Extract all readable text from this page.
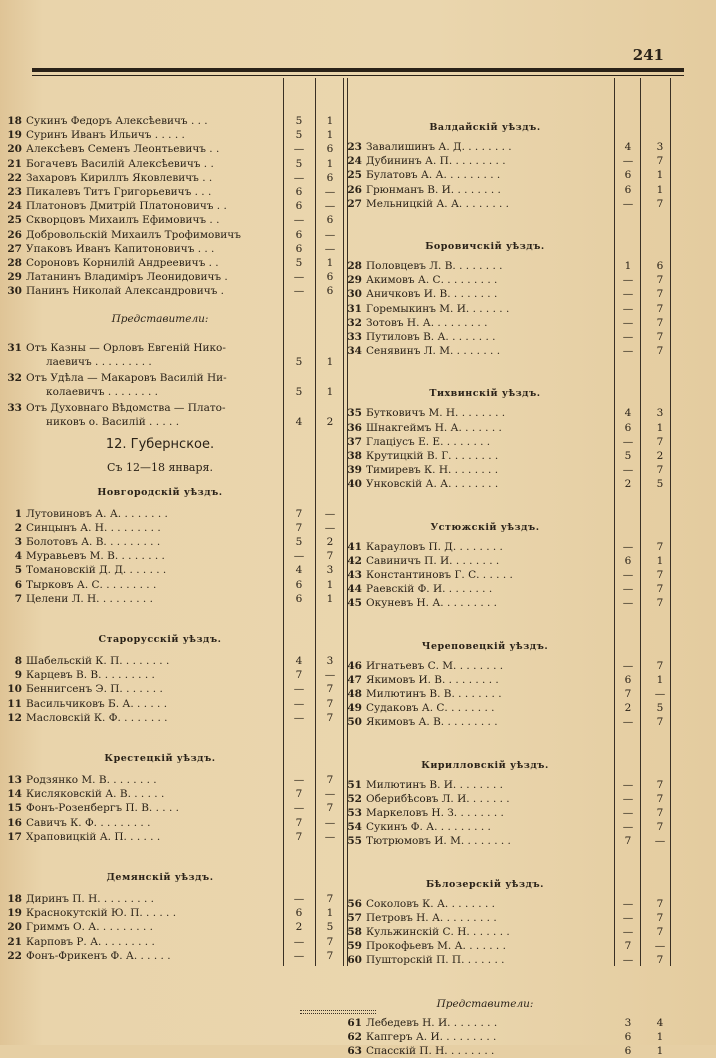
241
18 Сукинъ Федоръ Алексѣевичъ . . .	5	1
19 Суринъ Иванъ Ильичъ . . . . .	5	1
20 Алексѣевъ Семенъ Леонтьевичъ . .	—	6
21 Богачевъ Василій Алексѣевичъ . .	5	1
22 Захаровъ Кириллъ Яковлевичъ . .	—	6
23 Пикалевъ Титъ Григорьевичъ . . .	6	—
24 Платоновъ Дмитрій Платоновичъ . .	6	—
25 Скворцовъ Михаилъ Ефимовичъ . .	—	6
26 Добровольскій Михаилъ Трофимовичъ	6	—
27 Упаковъ Иванъ Капитоновичъ . . .	6	—
28 Сороновъ Корнилій Андреевичъ . .	5	1
29 Латанинъ Владиміръ Леонидовичъ .	—	6
30 Панинъ Николай Александровичъ .	—	6
Представители:
31 Отъ Казны — Орловъ Евгеній Нико-
лаевичъ . . . . . . . . .	5	1
32 Отъ Удѣла — Макаровъ Василій Ни-
колаевичъ . . . . . . . .	5	1
33 Отъ Духовнаго Вѣдомства — Плато-
никовъ о. Василій . . . . .	4	2
12. Губернское.
Съ 12—18 января.
Новгородскій уѣздъ.
1 Лутовиновъ А. А. . . . . . . .	7	—
2 Синцынъ А. Н. . . . . . . . .	7	—
3 Болотовъ А. В. . . . . . . . .	5	2
4 Муравьевъ М. В. . . . . . . .	—	7
5 Томановскій Д. Д. . . . . . .	4	3
6 Тырковъ А. С. . . . . . . . .	6	1
7 Целени Л. Н. . . . . . . . .	6	1
Старорусскій уѣздъ.
8 Шабельскій К. П. . . . . . . .	4	3
9 Карцевъ В. В. . . . . . . . .	7	—
10 Беннигсенъ Э. П. . . . . . .	—	7
11 Васильчиковъ Б. А. . . . . .	—	7
12 Масловскій К. Ф. . . . . . . .	—	7
Крестецкій уѣздъ.
13 Родзянко М. В. . . . . . . .	—	7
14 Кисляковскій А. В. . . . . .	7	—
15 Фонъ-Розенбергъ П. В. . . . .	—	7
16 Савичъ К. Ф. . . . . . . . .	7	—
17 Храповицкій А. П. . . . . .	7	—
Демянскій уѣздъ.
18 Диринъ П. Н. . . . . . . . .	—	7
19 Краснокутскій Ю. П. . . . . .	6	1
20 Гриммъ О. А. . . . . . . . .	2	5
21 Карповъ Р. А. . . . . . . . .	—	7
22 Фонъ-Фрикенъ Ф. А. . . . . .	—	7
Валдайскій уѣздъ.
23 Завалишинъ А. Д. . . . . . . .	4	3
24 Дубининъ А. П. . . . . . . . .	—	7
25 Булатовъ А. А. . . . . . . . .	6	1
26 Грюнманъ В. И. . . . . . . .	6	1
27 Мельницкій А. А. . . . . . . .	—	7
Боровичскій уѣздъ.
28 Половцевъ Л. В. . . . . . . .	1	6
29 Акимовъ А. С. . . . . . . . .	—	7
30 Аничковъ И. В. . . . . . . .	—	7
31 Горемыкинъ М. И. . . . . . .	—	7
32 Зотовъ Н. А. . . . . . . . .	—	7
33 Путиловъ В. А. . . . . . . .	—	7
34 Сенявинъ Л. М. . . . . . . .	—	7
Тихвинскій уѣздъ.
35 Бутковичъ М. Н. . . . . . . .	4	3
36 Шнакгеймъ Н. А. . . . . . .	6	1
37 Глаціусъ Е. Е. . . . . . . .	—	7
38 Крутицкій В. Г. . . . . . . .	5	2
39 Тимиревъ К. Н. . . . . . . .	—	7
40 Унковскій А. А. . . . . . . .	2	5
Устюжскій уѣздъ.
41 Карауловъ П. Д. . . . . . . .	—	7
42 Савиничъ П. И. . . . . . . .	6	1
43 Константиновъ Г. С. . . . . .	—	7
44 Раевскій Ф. И. . . . . . . .	—	7
45 Окуневъ Н. А. . . . . . . . .	—	7
Череповецкій уѣздъ.
46 Игнатьевъ С. М. . . . . . . .	—	7
47 Якимовъ И. В. . . . . . . . .	6	1
48 Милютинъ В. В. . . . . . . .	7	—
49 Судаковъ А. С. . . . . . . .	2	5
50 Якимовъ А. В. . . . . . . . .	—	7
Кирилловскій уѣздъ.
51 Милютинъ В. И. . . . . . . .	—	7
52 Оберибѣсовъ Л. И. . . . . . .	—	7
53 Маркеловъ Н. З. . . . . . . .	—	7
54 Сукинъ Ф. А. . . . . . . . .	—	7
55 Тютрюмовъ И. М. . . . . . . .	7	—
Бѣлозерскій уѣздъ.
56 Соколовъ К. А. . . . . . . .	—	7
57 Петровъ Н. А. . . . . . . . .	—	7
58 Кульжинскій С. Н. . . . . . .	—	7
59 Прокофьевъ М. А. . . . . . .	7	—
60 Пушторскій П. П. . . . . . .	—	7
Представители:
61 Лебедевъ Н. И. . . . . . . .	3	4
62 Капгеръ А. И. . . . . . . . .	6	1
63 Спасскій П. Н. . . . . . . .	6	1
